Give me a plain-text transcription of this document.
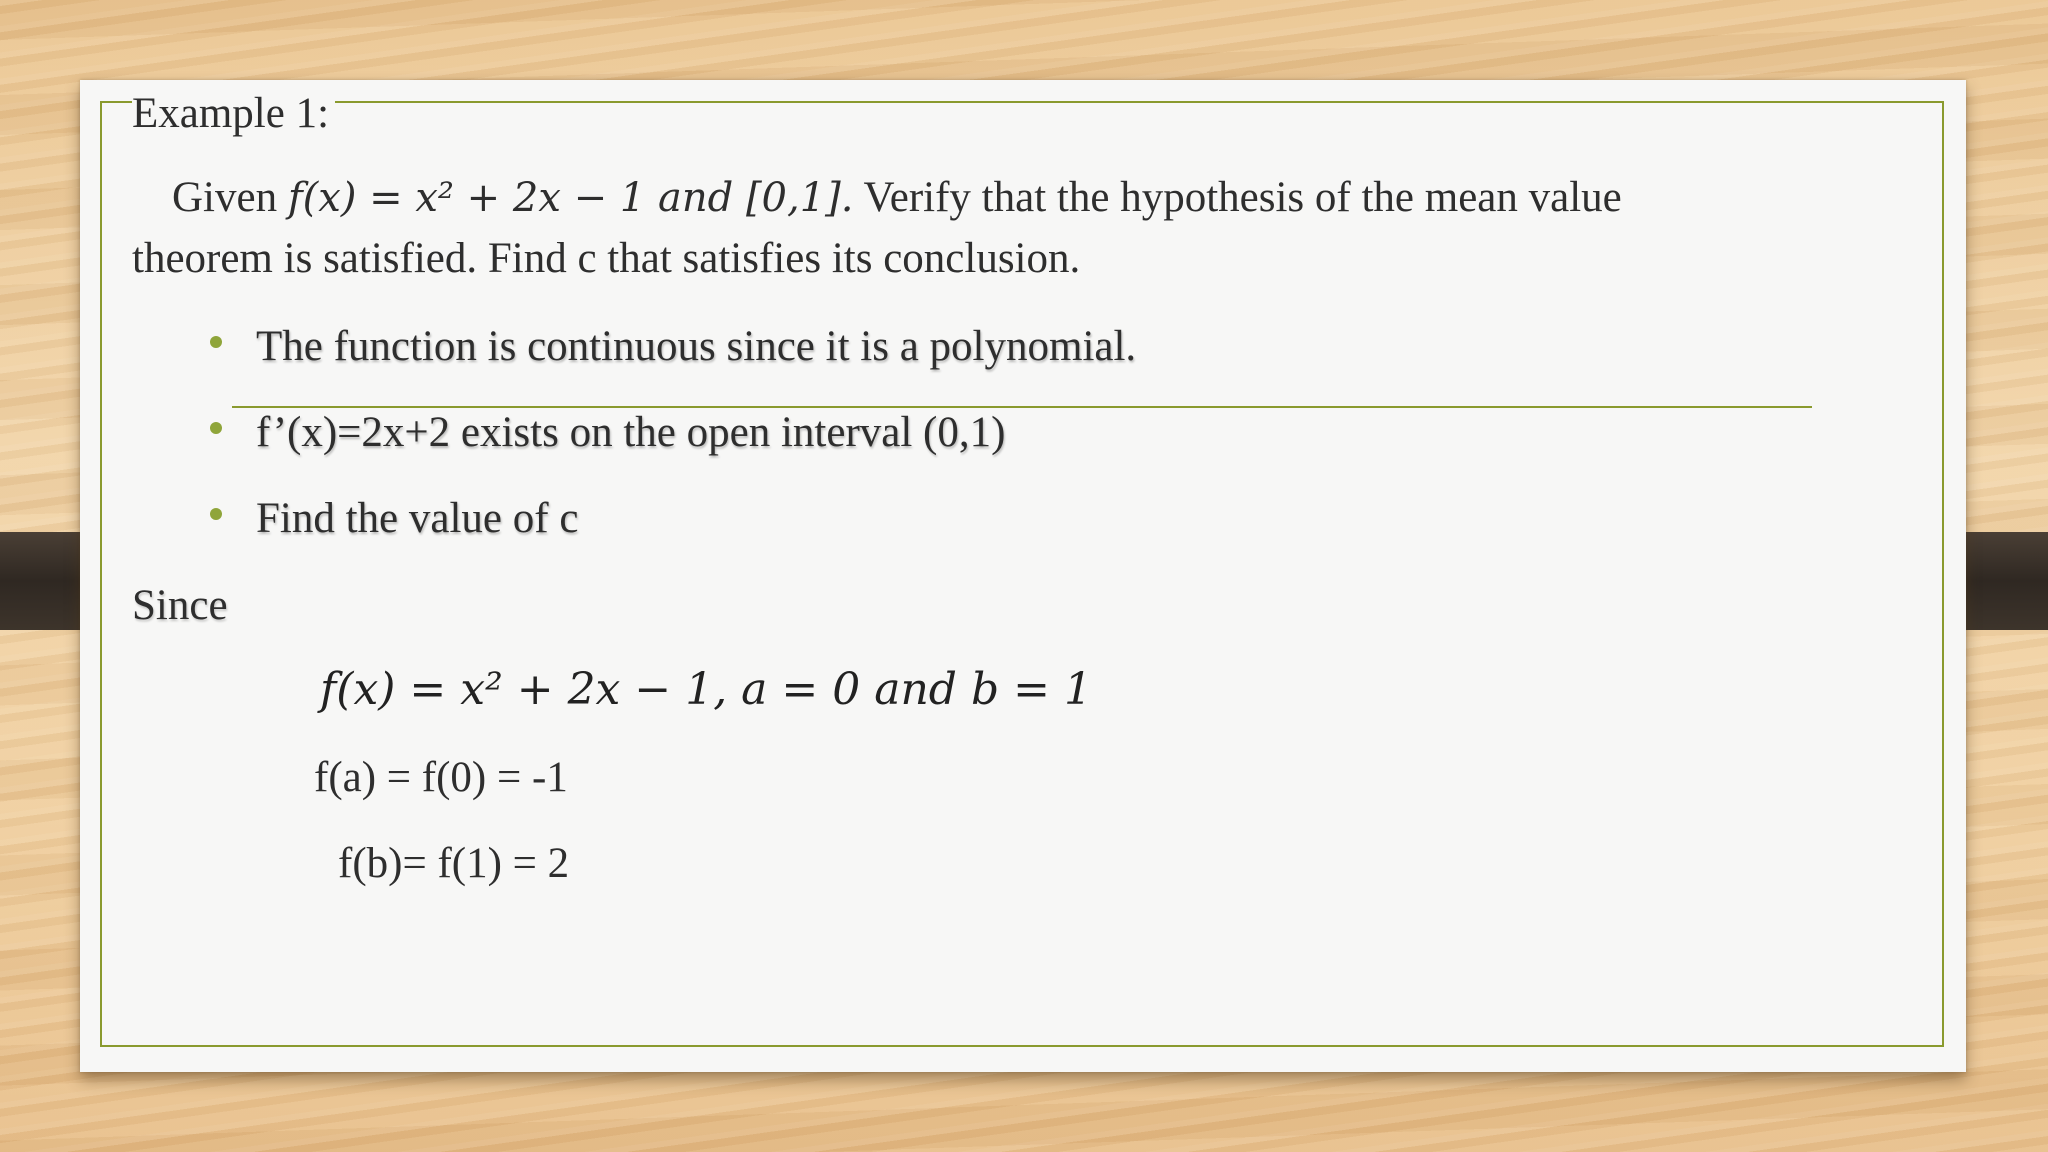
Example 1:
Given f(x) = x² + 2x − 1 and [0,1]. Verify that the hypothesis of the mean value
theorem is satisfied. Find c that satisfies its conclusion.
The function is continuous since it is a polynomial.
f’(x)=2x+2 exists on the open interval (0,1)
Find the value of c
Since
f(x) = x² + 2x − 1, a = 0 and b = 1
f(a) = f(0) = -1
f(b)= f(1) = 2
